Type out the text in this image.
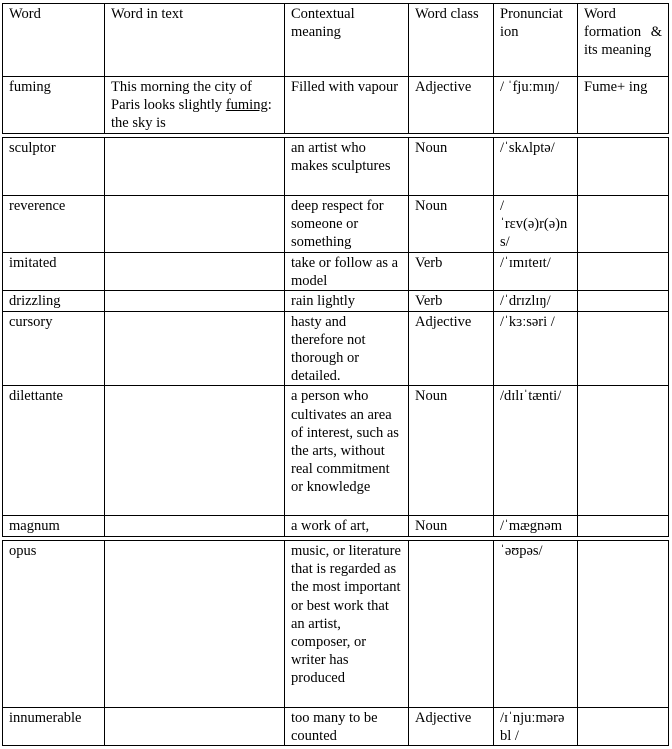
Word	Word in text	Contextual meaning	Word class	Pronunciat ion	Word formation & its meaning
fuming	This morning the city of Paris looks slightly fuming: the sky is	Filled with vapour	Adjective	/ ˈfjuːmɪŋ/	Fume+ ing
sculptor		an artist who makes sculptures	Noun	/ˈskʌlptə/	
reverence		deep respect for someone or something	Noun	/ˈrɛv(ə)r(ə)ns/	
imitated		take or follow as a model	Verb	/ˈɪmɪteɪt/	
drizzling		rain lightly	Verb	/ˈdrɪzlɪŋ/	
cursory		hasty and therefore not thorough or detailed.	Adjective	/ˈkɜːsəri /	
dilettante		a person who cultivates an area of interest, such as the arts, without real commitment or knowledge	Noun	/dɪlɪˈtænti/	
magnum		a work of art,	Noun	/ˈmægnəm	
opus		music, or literature that is regarded as the most important or best work that an artist, composer, or writer has produced		ˈəʊpəs/	
innumerable		too many to be counted	Adjective	/ɪˈnjuːmərə bl /	
